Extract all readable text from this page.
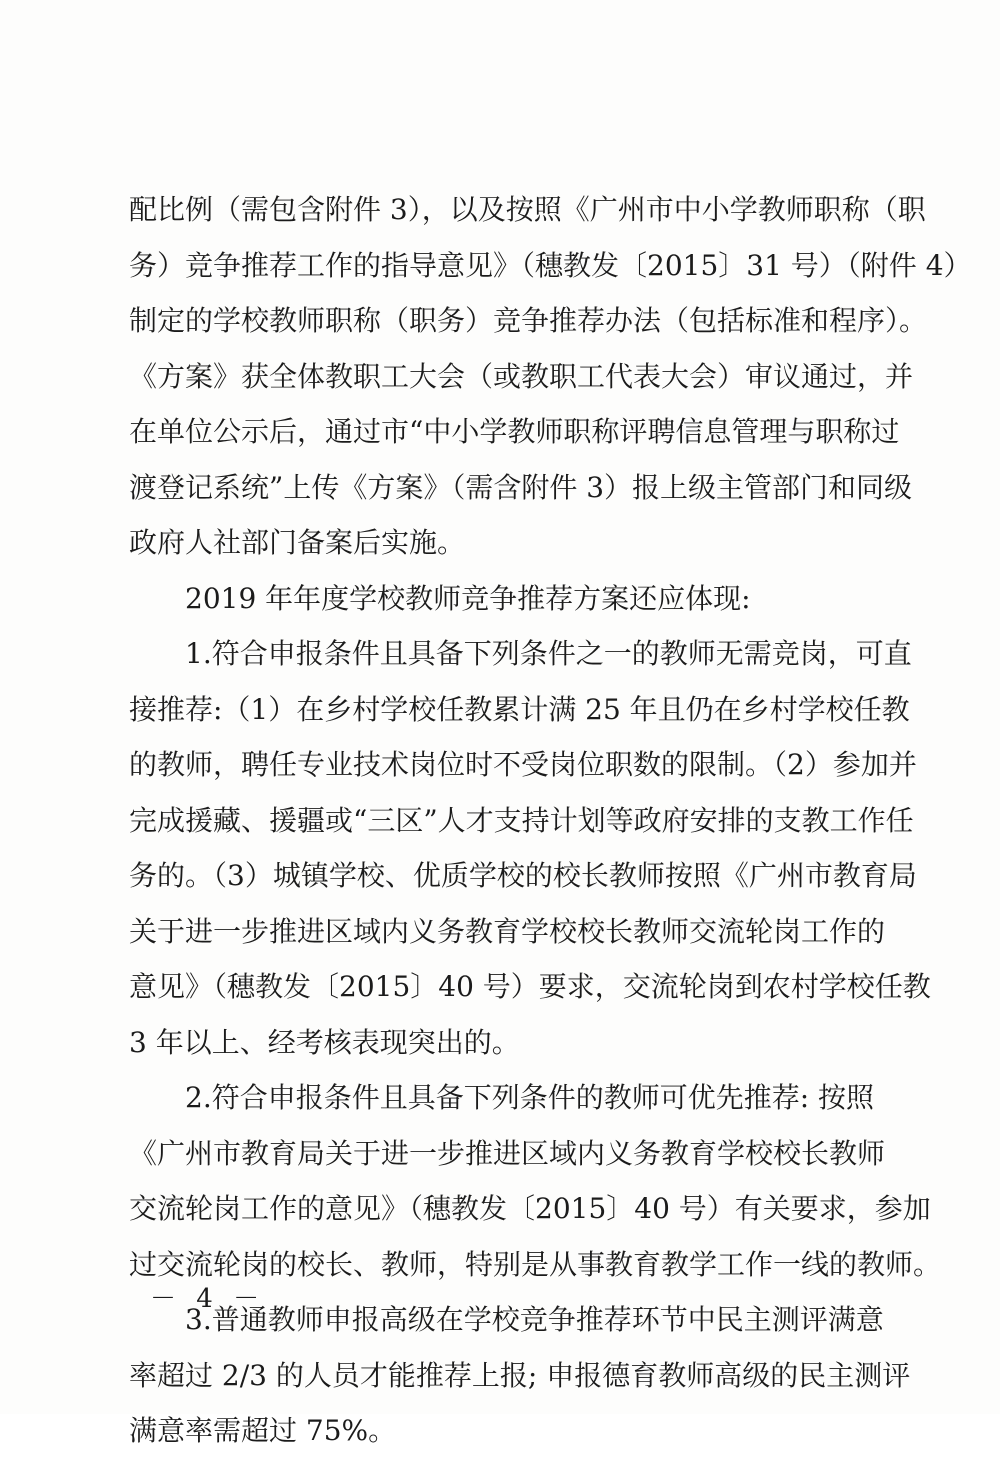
配比例（需包含附件 3），以及按照《广州市中小学教师职称（职
务）竞争推荐工作的指导意见》（穗教发〔2015〕31 号）（附件 4）
制定的学校教师职称（职务）竞争推荐办法（包括标准和程序）。
《方案》获全体教职工大会（或教职工代表大会）审议通过，并
在单位公示后，通过市“中小学教师职称评聘信息管理与职称过
渡登记系统”上传《方案》（需含附件 3）报上级主管部门和同级
政府人社部门备案后实施。
2019 年年度学校教师竞争推荐方案还应体现:
1.符合申报条件且具备下列条件之一的教师无需竞岗，可直
接推荐:（1）在乡村学校任教累计满 25 年且仍在乡村学校任教
的教师，聘任专业技术岗位时不受岗位职数的限制。（2）参加并
完成援藏、援疆或“三区”人才支持计划等政府安排的支教工作任
务的。（3）城镇学校、优质学校的校长教师按照《广州市教育局
关于进一步推进区域内义务教育学校校长教师交流轮岗工作的
意见》（穗教发〔2015〕40 号）要求，交流轮岗到农村学校任教
3 年以上、经考核表现突出的。
2.符合申报条件且具备下列条件的教师可优先推荐: 按照
《广州市教育局关于进一步推进区域内义务教育学校校长教师
交流轮岗工作的意见》（穗教发〔2015〕40 号）有关要求，参加
过交流轮岗的校长、教师，特别是从事教育教学工作一线的教师。
3.普通教师申报高级在学校竞争推荐环节中民主测评满意
率超过 2/3 的人员才能推荐上报; 申报德育教师高级的民主测评
满意率需超过 75%。
－ 4 －
